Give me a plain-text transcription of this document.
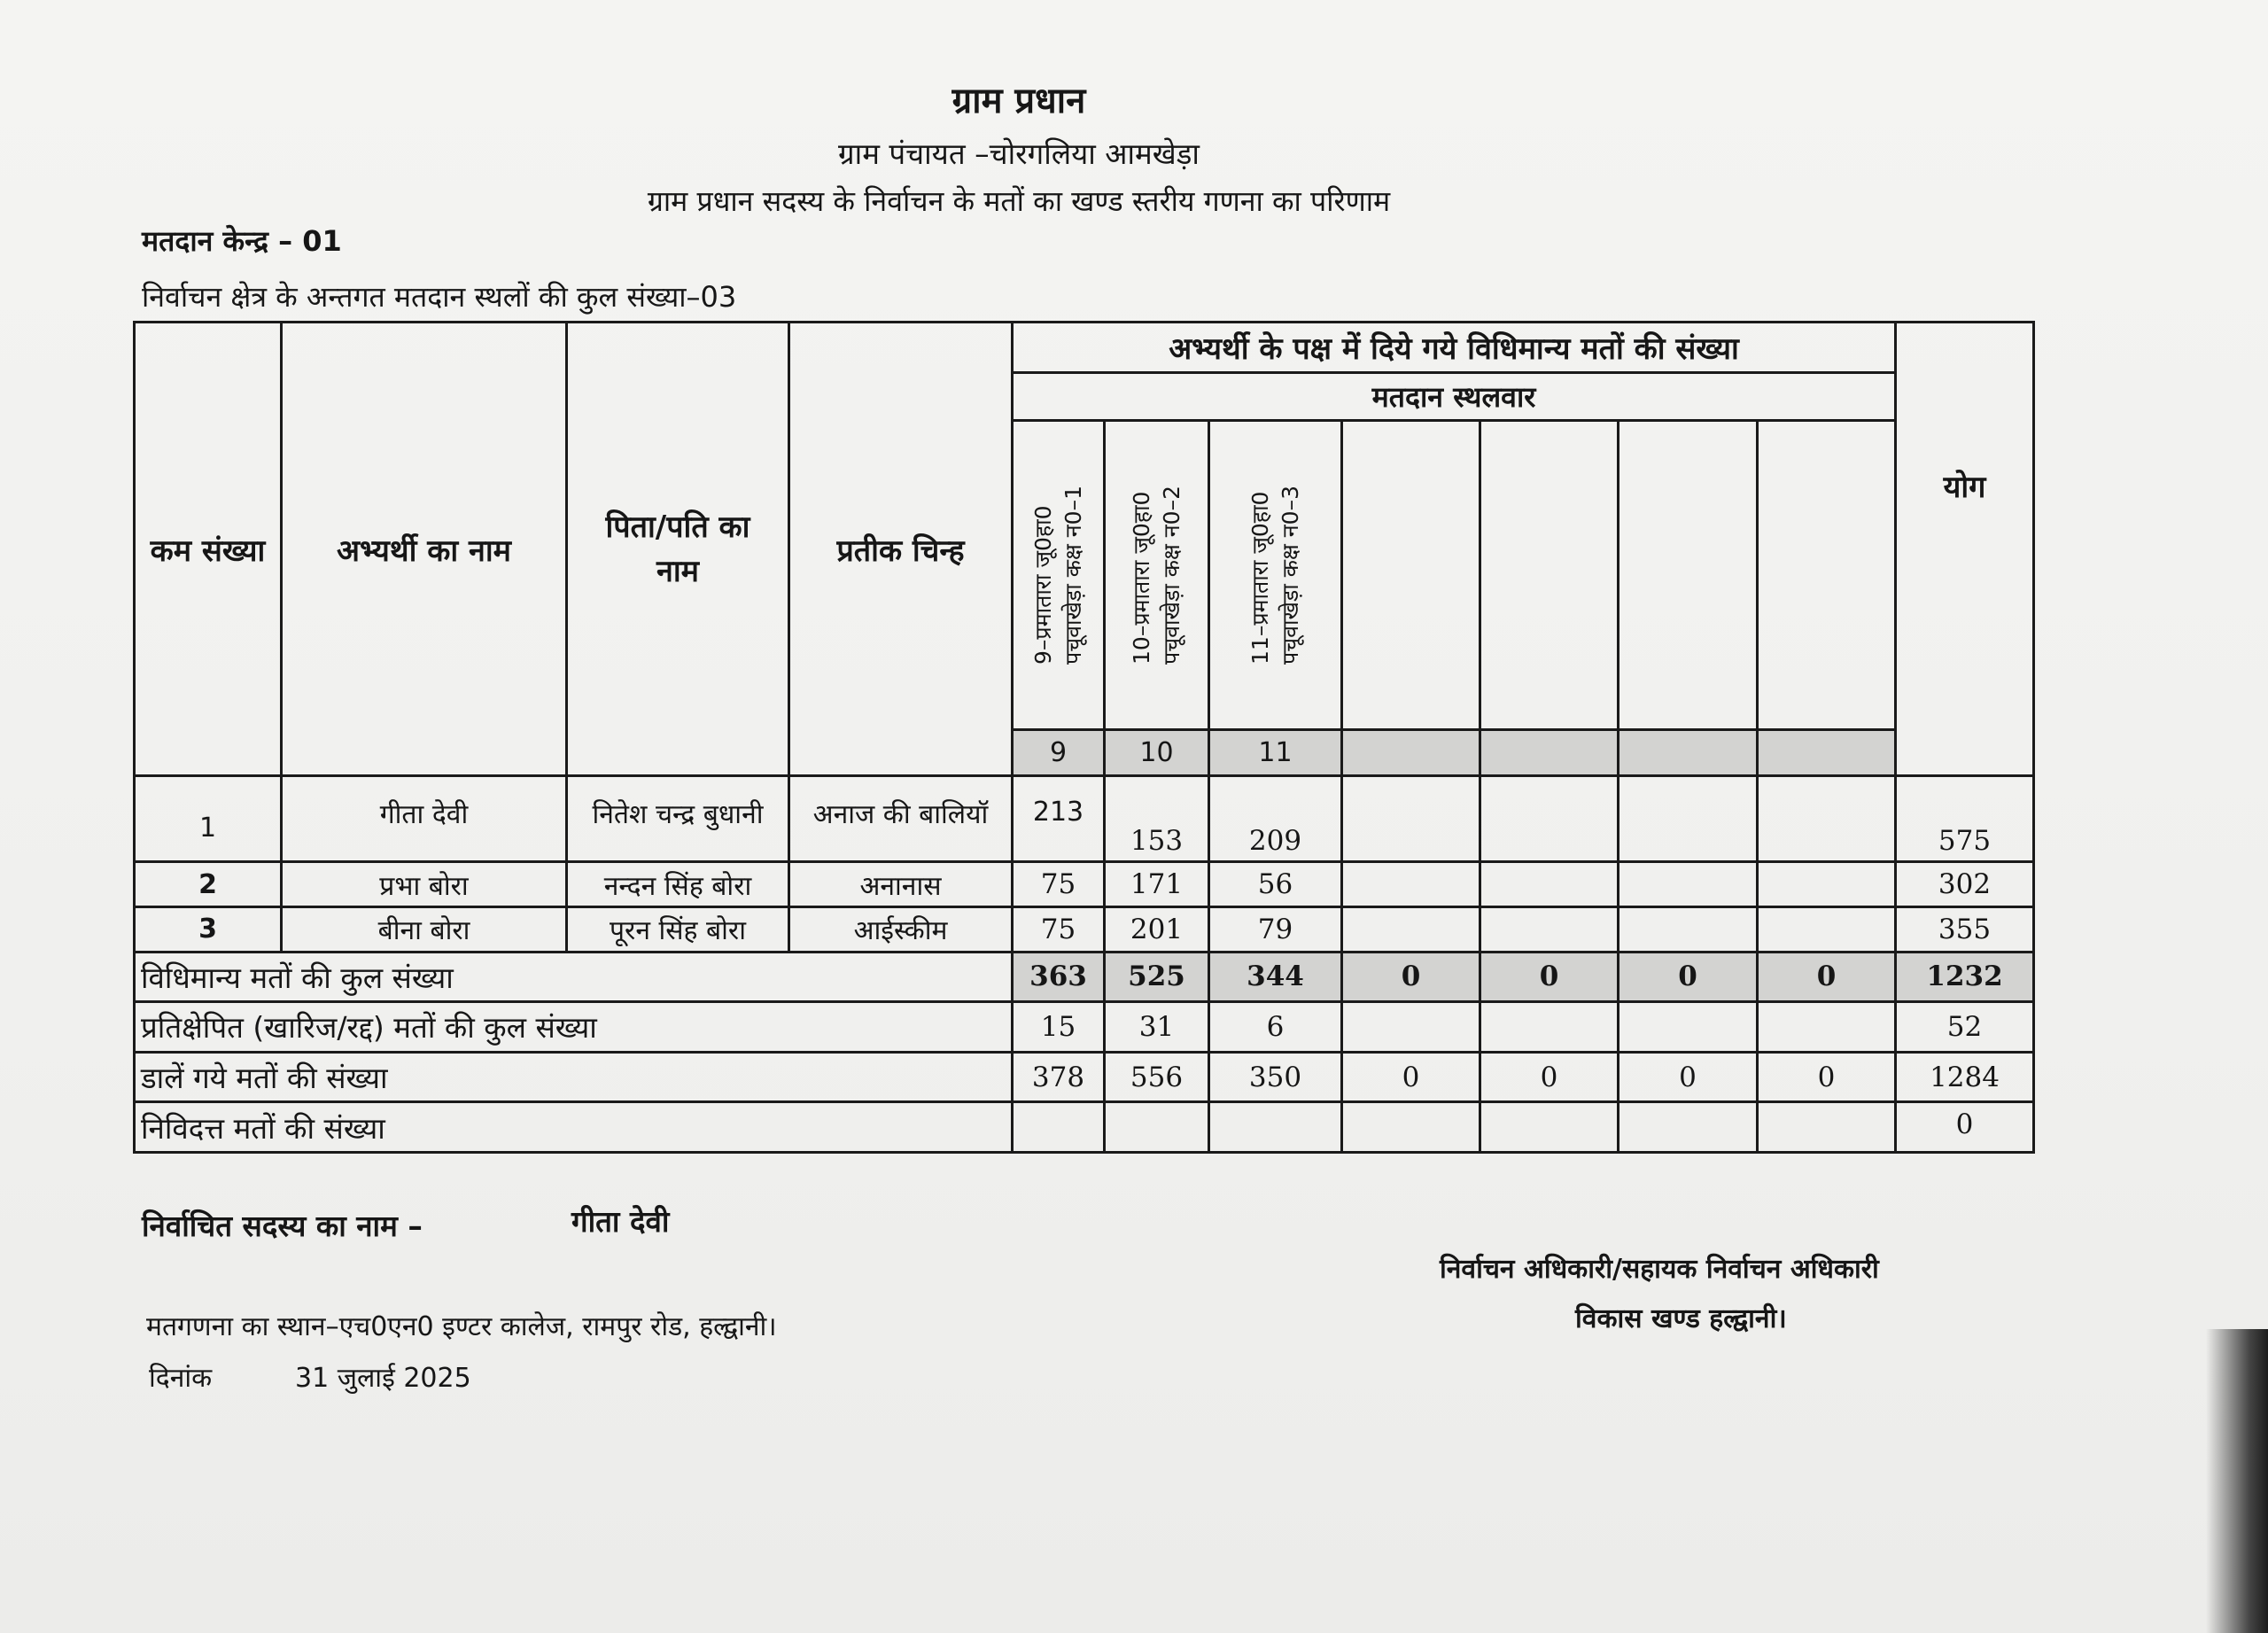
ग्राम प्रधान
ग्राम पंचायत –चोरगलिया आमखेड़ा
ग्राम प्रधान सदस्य के निर्वाचन के मतों का खण्ड स्तरीय गणना का परिणाम
मतदान केन्द्र – 01
निर्वाचन क्षेत्र के अन्तगत मतदान स्थलों की कुल संख्या–03
कम संख्या	अभ्यर्थी का नाम	पिता/पति का नाम	प्रतीक चिन्ह	अभ्यर्थी के पक्ष में दिये गये विधिमान्य मतों की संख्या							योग
				मतदान स्थलवार							

				9–प्रमातारा जू0हा0 पचूवाखेड़ा कक्ष न0–1	10–प्रमातारा जू0हा0 पचूवाखेड़ा कक्ष न0–2	11–प्रमातारा जू0हा0 पचूवाखेड़ा कक्ष न0–3					

				9	10	11					
1	गीता देवी	नितेश चन्द्र बुधानी	अनाज की बालियॉ	213	153	209					575
2	प्रभा बोरा	नन्दन सिंह बोरा	अनानास	75	171	56					302
3	बीना बोरा	पूरन सिंह बोरा	आईस्कीम	75	201	79					355
विधिमान्य मतों की कुल संख्या				363	525	344	0	0	0	0	1232
प्रतिक्षेपित (खारिज/रद्द) मतों की कुल संख्या				15	31	6					52
डालें गये मतों की संख्या				378	556	350	0	0	0	0	1284
निविदत्त मतों की संख्या											0
निर्वाचित सदस्य का नाम –	गीता देवी
निर्वाचन अधिकारी/सहायक निर्वाचन अधिकारी
विकास खण्ड हल्द्वानी।
मतगणना का स्थान–एच0एन0 इण्टर कालेज, रामपुर रोड, हल्द्वानी।
दिनांक	31 जुलाई 2025
